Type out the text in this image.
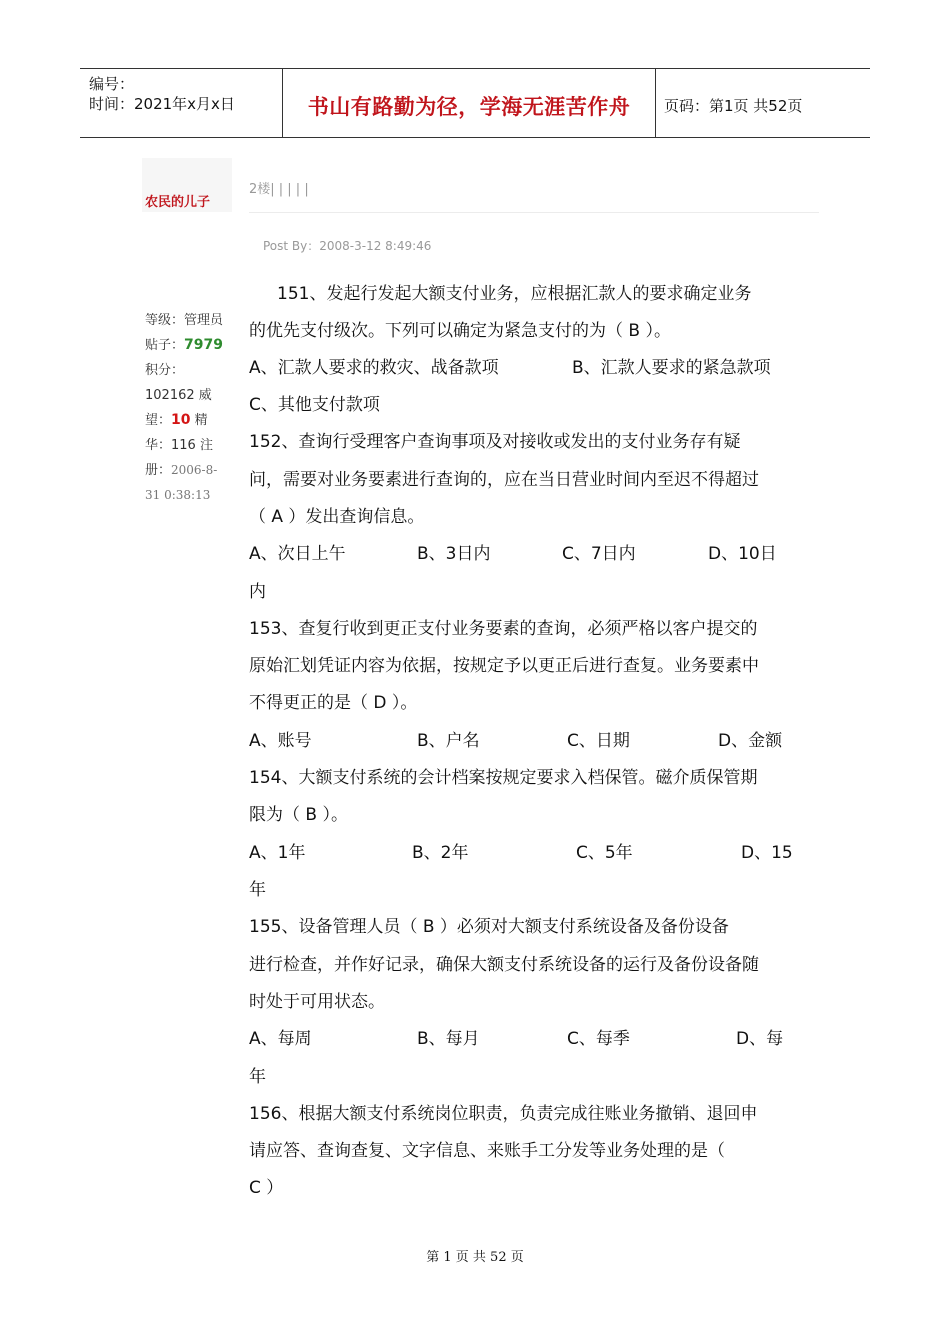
编号：
时间：2021年x月x日	书山有路勤为径，学海无涯苦作舟	页码：第1页 共52页
农民的儿子
2楼| | | | |
Post By：2008-3-12 8:49:46
等级：管理员
贴子：7979
积分：
102162 威
望：10 精
华：116 注
册：2006-8-
31 0:38:13
151、发起行发起大额支付业务，应根据汇款人的要求确定业务
的优先支付级次。下列可以确定为紧急支付的为（ B ）。
A、汇款人要求的救灾、战备款项	B、汇款人要求的紧急款项
C、其他支付款项
152、查询行受理客户查询事项及对接收或发出的支付业务存有疑
问，需要对业务要素进行查询的，应在当日营业时间内至迟不得超过
（ A ）发出查询信息。
A、次日上午	B、3日内	C、7日内	D、10日
内
153、查复行收到更正支付业务要素的查询，必须严格以客户提交的
原始汇划凭证内容为依据，按规定予以更正后进行查复。业务要素中
不得更正的是（ D ）。
A、账号	B、户名	C、日期	D、金额
154、大额支付系统的会计档案按规定要求入档保管。磁介质保管期
限为（ B ）。
A、1年	B、2年	C、5年	D、15
年
155、设备管理人员（ B ）必须对大额支付系统设备及备份设备
进行检查，并作好记录，确保大额支付系统设备的运行及备份设备随
时处于可用状态。
A、每周	B、每月	C、每季	D、每
年
156、根据大额支付系统岗位职责，负责完成往账业务撤销、退回申
请应答、查询查复、文字信息、来账手工分发等业务处理的是（
C ）
第 1 页 共 52 页
